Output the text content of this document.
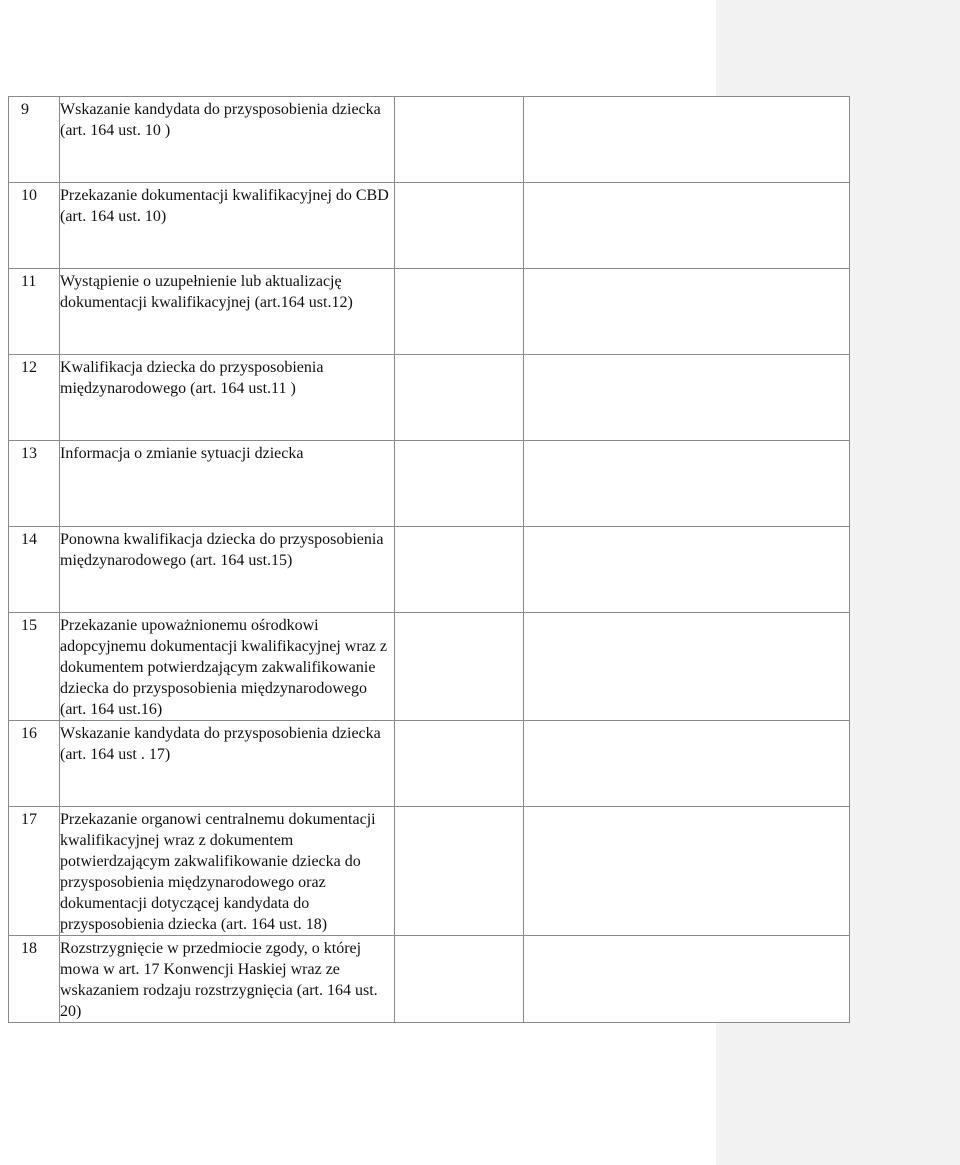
9	Wskazanie kandydata do przysposobienia dziecka (art. 164 ust. 10 )		
10	Przekazanie dokumentacji kwalifikacyjnej do CBD (art. 164 ust. 10)		
11	Wystąpienie o uzupełnienie lub aktualizację dokumentacji kwalifikacyjnej (art.164 ust.12)		
12	Kwalifikacja dziecka do przysposobienia międzynarodowego (art. 164 ust.11 )		
13	Informacja o zmianie sytuacji dziecka		
14	Ponowna kwalifikacja dziecka do przysposobienia międzynarodowego (art. 164 ust.15)		
15	Przekazanie upoważnionemu ośrodkowi adopcyjnemu dokumentacji kwalifikacyjnej wraz z dokumentem potwierdzającym zakwalifikowanie dziecka do przysposobienia międzynarodowego (art. 164 ust.16)		
16	Wskazanie kandydata do przysposobienia dziecka (art. 164 ust . 17)		
17	Przekazanie organowi centralnemu dokumentacji kwalifikacyjnej wraz z dokumentem potwierdzającym zakwalifikowanie dziecka do przysposobienia międzynarodowego oraz dokumentacji dotyczącej kandydata do przysposobienia dziecka (art. 164 ust. 18)		
18	Rozstrzygnięcie w przedmiocie zgody, o której mowa w art. 17 Konwencji Haskiej wraz ze wskazaniem rodzaju rozstrzygnięcia (art. 164 ust. 20)		
